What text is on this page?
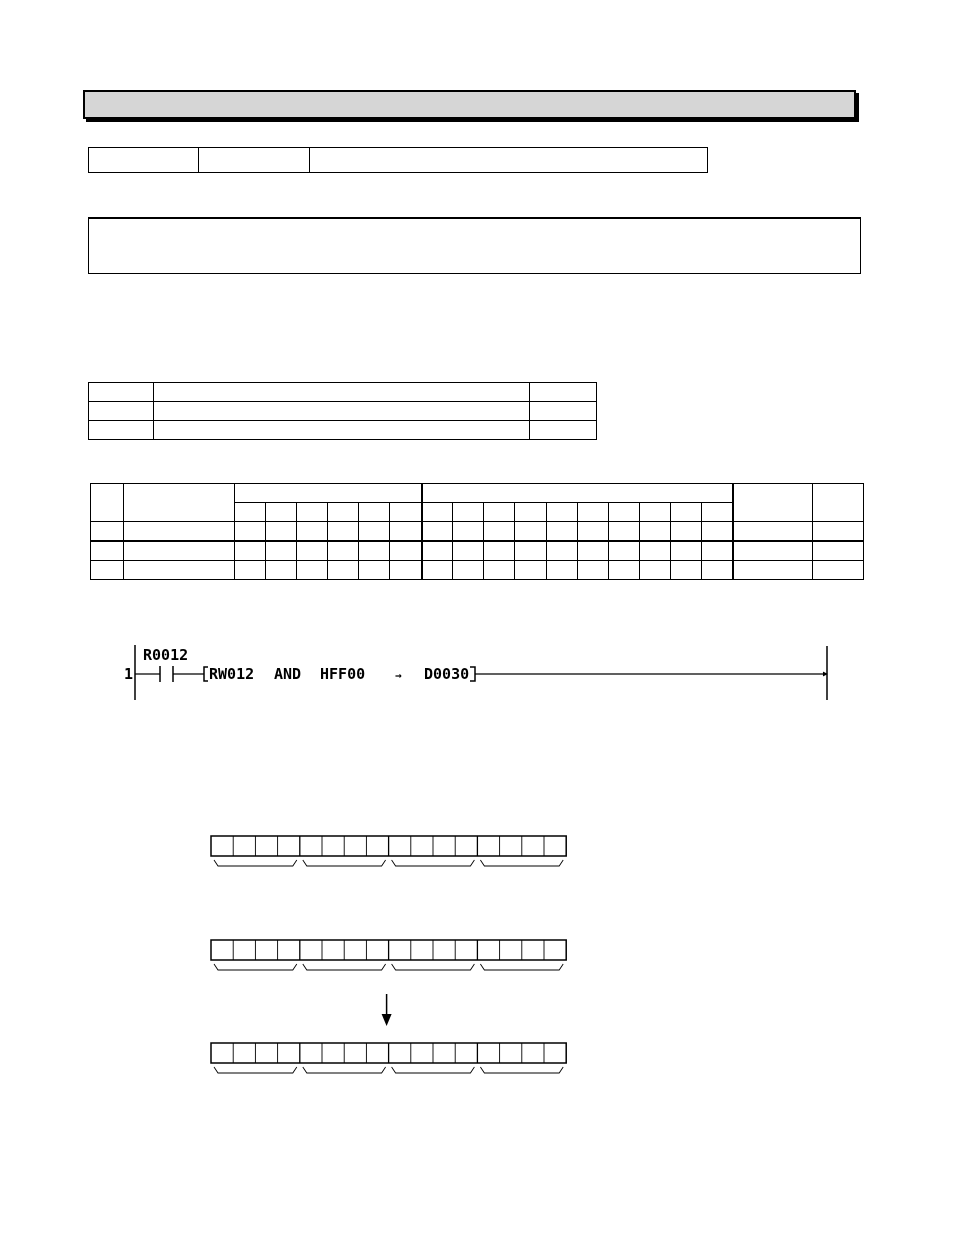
1
R0012
RW012 AND HFF00	→ D0030
